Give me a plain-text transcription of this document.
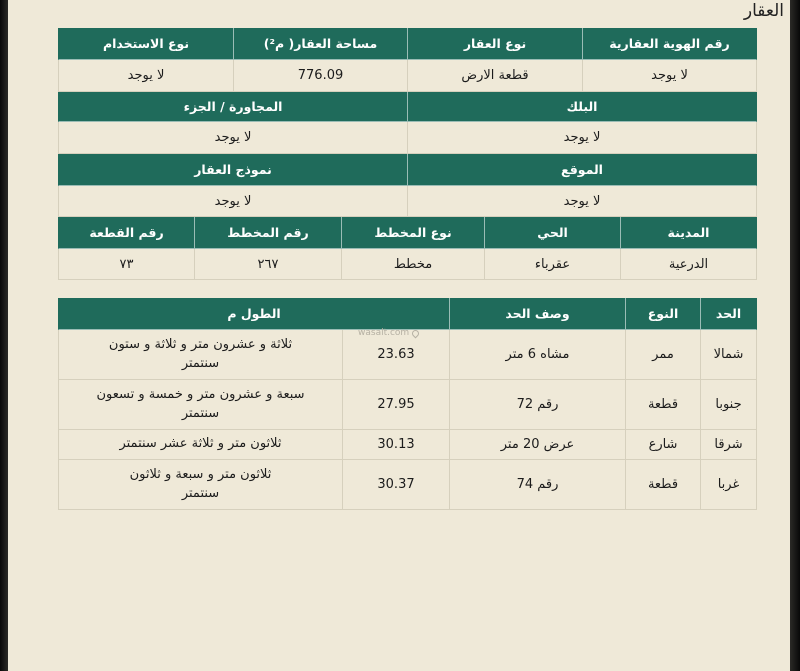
العقار
رقم الهوية العقارية
نوع العقار
مساحة العقار( م²)
نوع الاستخدام
لا يوجد
قطعة الارض
776.09
لا يوجد
البلك
المجاورة / الجزء
لا يوجد
لا يوجد
الموقع
نموذج العقار
لا يوجد
لا يوجد
المدينة
الحي
نوع المخطط
رقم المخطط
رقم القطعة
الدرعية
عقرباء
مخطط
٢٦٧
٧٣
الحد
النوع
وصف الحد
الطول م
شمالا
ممر
مشاه 6 متر
23.63
ثلاثة و عشرون متر و ثلاثة و ستون
سنتمتر
جنوبا
قطعة
رقم 72
27.95
سبعة و عشرون متر و خمسة و تسعون
سنتمتر
شرقا
شارع
عرض 20 متر
30.13
ثلاثون متر و ثلاثة عشر سنتمتر
غربا
قطعة
رقم 74
30.37
ثلاثون متر و سبعة و ثلاثون
سنتمتر
wasalt.com
